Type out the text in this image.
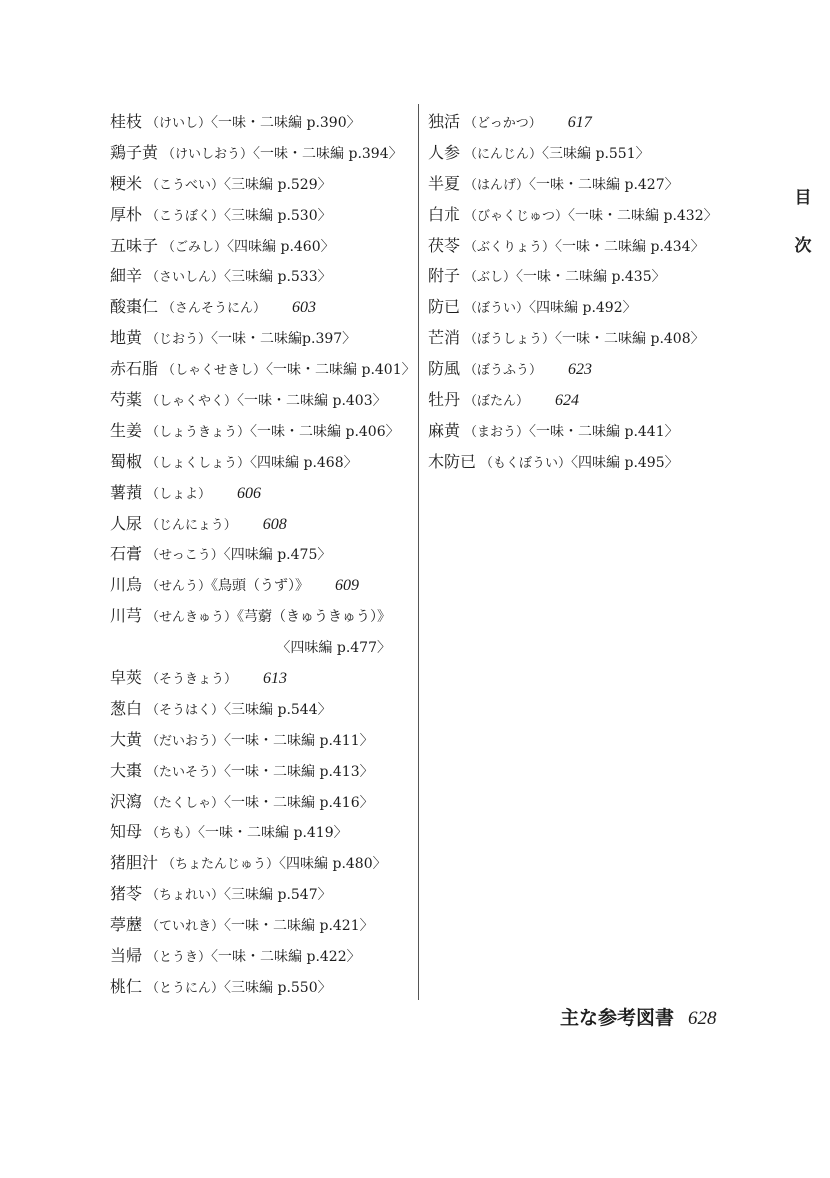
桂枝 （けいし）〈一味・二味編 p.390〉
鶏子黄 （けいしおう）〈一味・二味編 p.394〉
粳米 （こうべい）〈三味編 p.529〉
厚朴 （こうぼく）〈三味編 p.530〉
五味子 （ごみし）〈四味編 p.460〉
細辛 （さいしん）〈三味編 p.533〉
酸棗仁 （さんそうにん） 603
地黄 （じおう）〈一味・二味編p.397〉
赤石脂 （しゃくせきし）〈一味・二味編 p.401〉
芍薬 （しゃくやく）〈一味・二味編 p.403〉
生姜 （しょうきょう）〈一味・二味編 p.406〉
蜀椒 （しょくしょう）〈四味編 p.468〉
薯蕷 （しょよ） 606
人尿 （じんにょう） 608
石膏 （せっこう）〈四味編 p.475〉
川烏 （せんう）《鳥頭（うず）》 609
川芎 （せんきゅう）《芎藭（きゅうきゅう）》
〈四味編 p.477〉
皁莢 （そうきょう） 613
葱白 （そうはく）〈三味編 p.544〉
大黄 （だいおう）〈一味・二味編 p.411〉
大棗 （たいそう）〈一味・二味編 p.413〉
沢瀉 （たくしゃ）〈一味・二味編 p.416〉
知母 （ちも）〈一味・二味編 p.419〉
猪胆汁 （ちょたんじゅう）〈四味編 p.480〉
猪苓 （ちょれい）〈三味編 p.547〉
葶藶 （ていれき）〈一味・二味編 p.421〉
当帰 （とうき）〈一味・二味編 p.422〉
桃仁 （とうにん）〈三味編 p.550〉
独活 （どっかつ） 617
人参 （にんじん）〈三味編 p.551〉
半夏 （はんげ）〈一味・二味編 p.427〉
白朮 （びゃくじゅつ）〈一味・二味編 p.432〉
茯苓 （ぶくりょう）〈一味・二味編 p.434〉
附子 （ぶし）〈一味・二味編 p.435〉
防已 （ぼうい）〈四味編 p.492〉
芒消 （ぼうしょう）〈一味・二味編 p.408〉
防風 （ぼうふう） 623
牡丹 （ぼたん） 624
麻黄 （まおう）〈一味・二味編 p.441〉
木防已 （もくぼうい）〈四味編 p.495〉
目
次
主な参考図書 628
